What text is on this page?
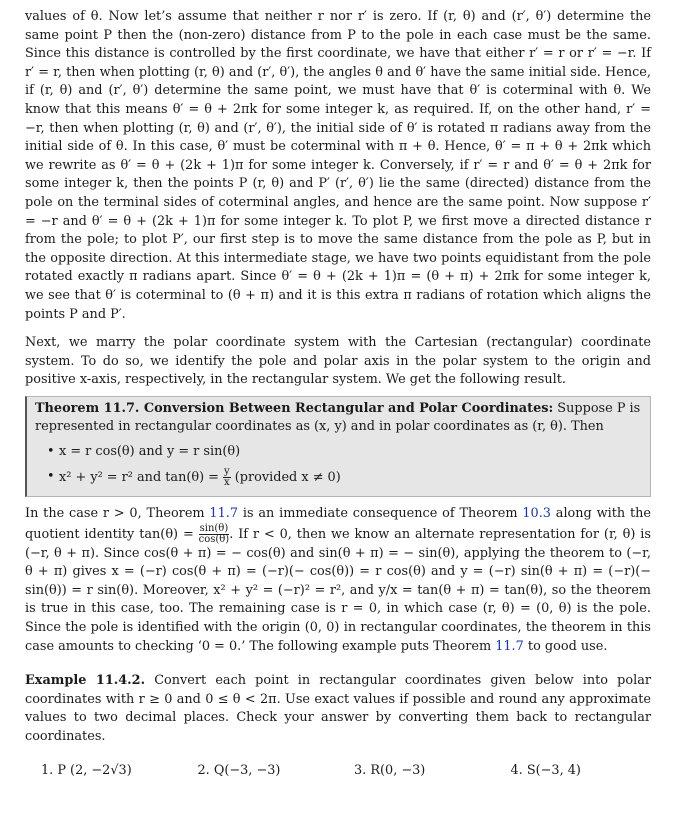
values of θ. Now let’s assume that neither r nor r′ is zero. If (r, θ) and (r′, θ′) determine the same point P then the (non-zero) distance from P to the pole in each case must be the same. Since this distance is controlled by the first coordinate, we have that either r′ = r or r′ = −r. If r′ = r, then when plotting (r, θ) and (r′, θ′), the angles θ and θ′ have the same initial side. Hence, if (r, θ) and (r′, θ′) determine the same point, we must have that θ′ is coterminal with θ. We know that this means θ′ = θ + 2πk for some integer k, as required. If, on the other hand, r′ = −r, then when plotting (r, θ) and (r′, θ′), the initial side of θ′ is rotated π radians away from the initial side of θ. In this case, θ′ must be coterminal with π + θ. Hence, θ′ = π + θ + 2πk which we rewrite as θ′ = θ + (2k + 1)π for some integer k. Conversely, if r′ = r and θ′ = θ + 2πk for some integer k, then the points P (r, θ) and P′ (r′, θ′) lie the same (directed) distance from the pole on the terminal sides of coterminal angles, and hence are the same point. Now suppose r′ = −r and θ′ = θ + (2k + 1)π for some integer k. To plot P, we first move a directed distance r from the pole; to plot P′, our first step is to move the same distance from the pole as P, but in the opposite direction. At this intermediate stage, we have two points equidistant from the pole rotated exactly π radians apart. Since θ′ = θ + (2k + 1)π = (θ + π) + 2πk for some integer k, we see that θ′ is coterminal to (θ + π) and it is this extra π radians of rotation which aligns the points P and P′.

Next, we marry the polar coordinate system with the Cartesian (rectangular) coordinate system. To do so, we identify the pole and polar axis in the polar system to the origin and positive x-axis, respectively, in the rectangular system. We get the following result.

Theorem 11.7. Conversion Between Rectangular and Polar Coordinates: Suppose P is represented in rectangular coordinates as (x, y) and in polar coordinates as (r, θ). Then
• x = r cos(θ) and y = r sin(θ)
• x² + y² = r² and $\tan(\theta) = \frac{y}{x}$ (provided x ≠ 0)

In the case r > 0, Theorem 11.7 is an immediate consequence of Theorem 10.3 along with the quotient identity $\tan(\theta) = \frac{\sin(\theta)}{\cos(\theta)}$ . If r < 0, then we know an alternate representation for (r, θ) is (−r, θ + π). Since cos(θ + π) = − cos(θ) and sin(θ + π) = − sin(θ), applying the theorem to (−r, θ + π) gives x = (−r) cos(θ + π) = (−r)(− cos(θ)) = r cos(θ) and y = (−r) sin(θ + π) = (−r)(− sin(θ)) = r sin(θ). Moreover, x² + y² = (−r)² = r², and y/x = tan(θ + π) = tan(θ), so the theorem is true in this case, too. The remaining case is r = 0, in which case (r, θ) = (0, θ) is the pole. Since the pole is identified with the origin (0, 0) in rectangular coordinates, the theorem in this case amounts to checking ‘0 = 0.’ The following example puts Theorem 11.7 to good use.

Example 11.4.2. Convert each point in rectangular coordinates given below into polar coordinates with r ≥ 0 and 0 ≤ θ < 2π. Use exact values if possible and round any approximate values to two decimal places. Check your answer by converting them back to rectangular coordinates.

1. P (2, −2√3)	2. Q(−3, −3)	3. R(0, −3)	4. S(−3, 4)
